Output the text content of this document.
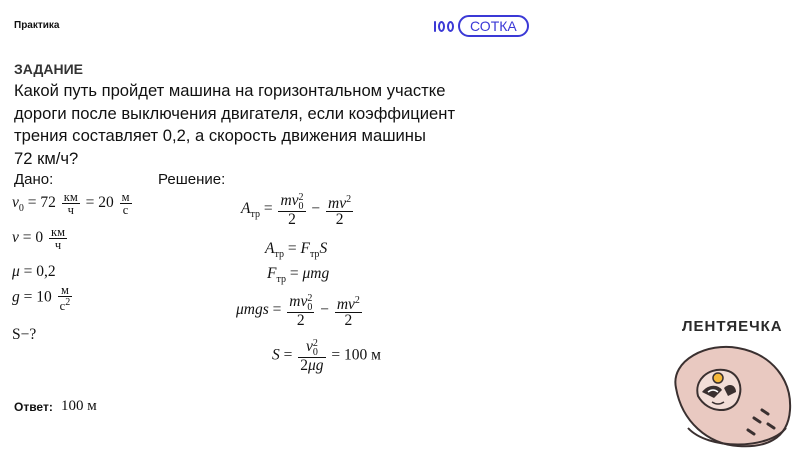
Практика	СОТКА
ЗАДАНИЕ
Какой путь пройдет машина на горизонтальном участке
дороги после выключения двигателя, если коэффициент
трения составляет 0,2, а скорость движения машины
72 км/ч?
Дано:
$v_0 = 72 \frac{км}{ч} = 20 \frac{м}{с}$
$v = 0 \frac{км}{ч}$
μ = 0,2
$g = 10 \frac{м}{с^2}$
S−?
Решение:
$A_{тр}$ = mv 2
0
$2 - \frac{mv^2}{2}$
$A_{тр} = F_{тр}S$
$F_{тр} = \mu mg$
μmgs = mv 2
0
$2 - \frac{mv^2}{2}$
S = v 2
0
2μg = 100 м
Ответ: 100 м
ЛЕНТЯЕЧКА
